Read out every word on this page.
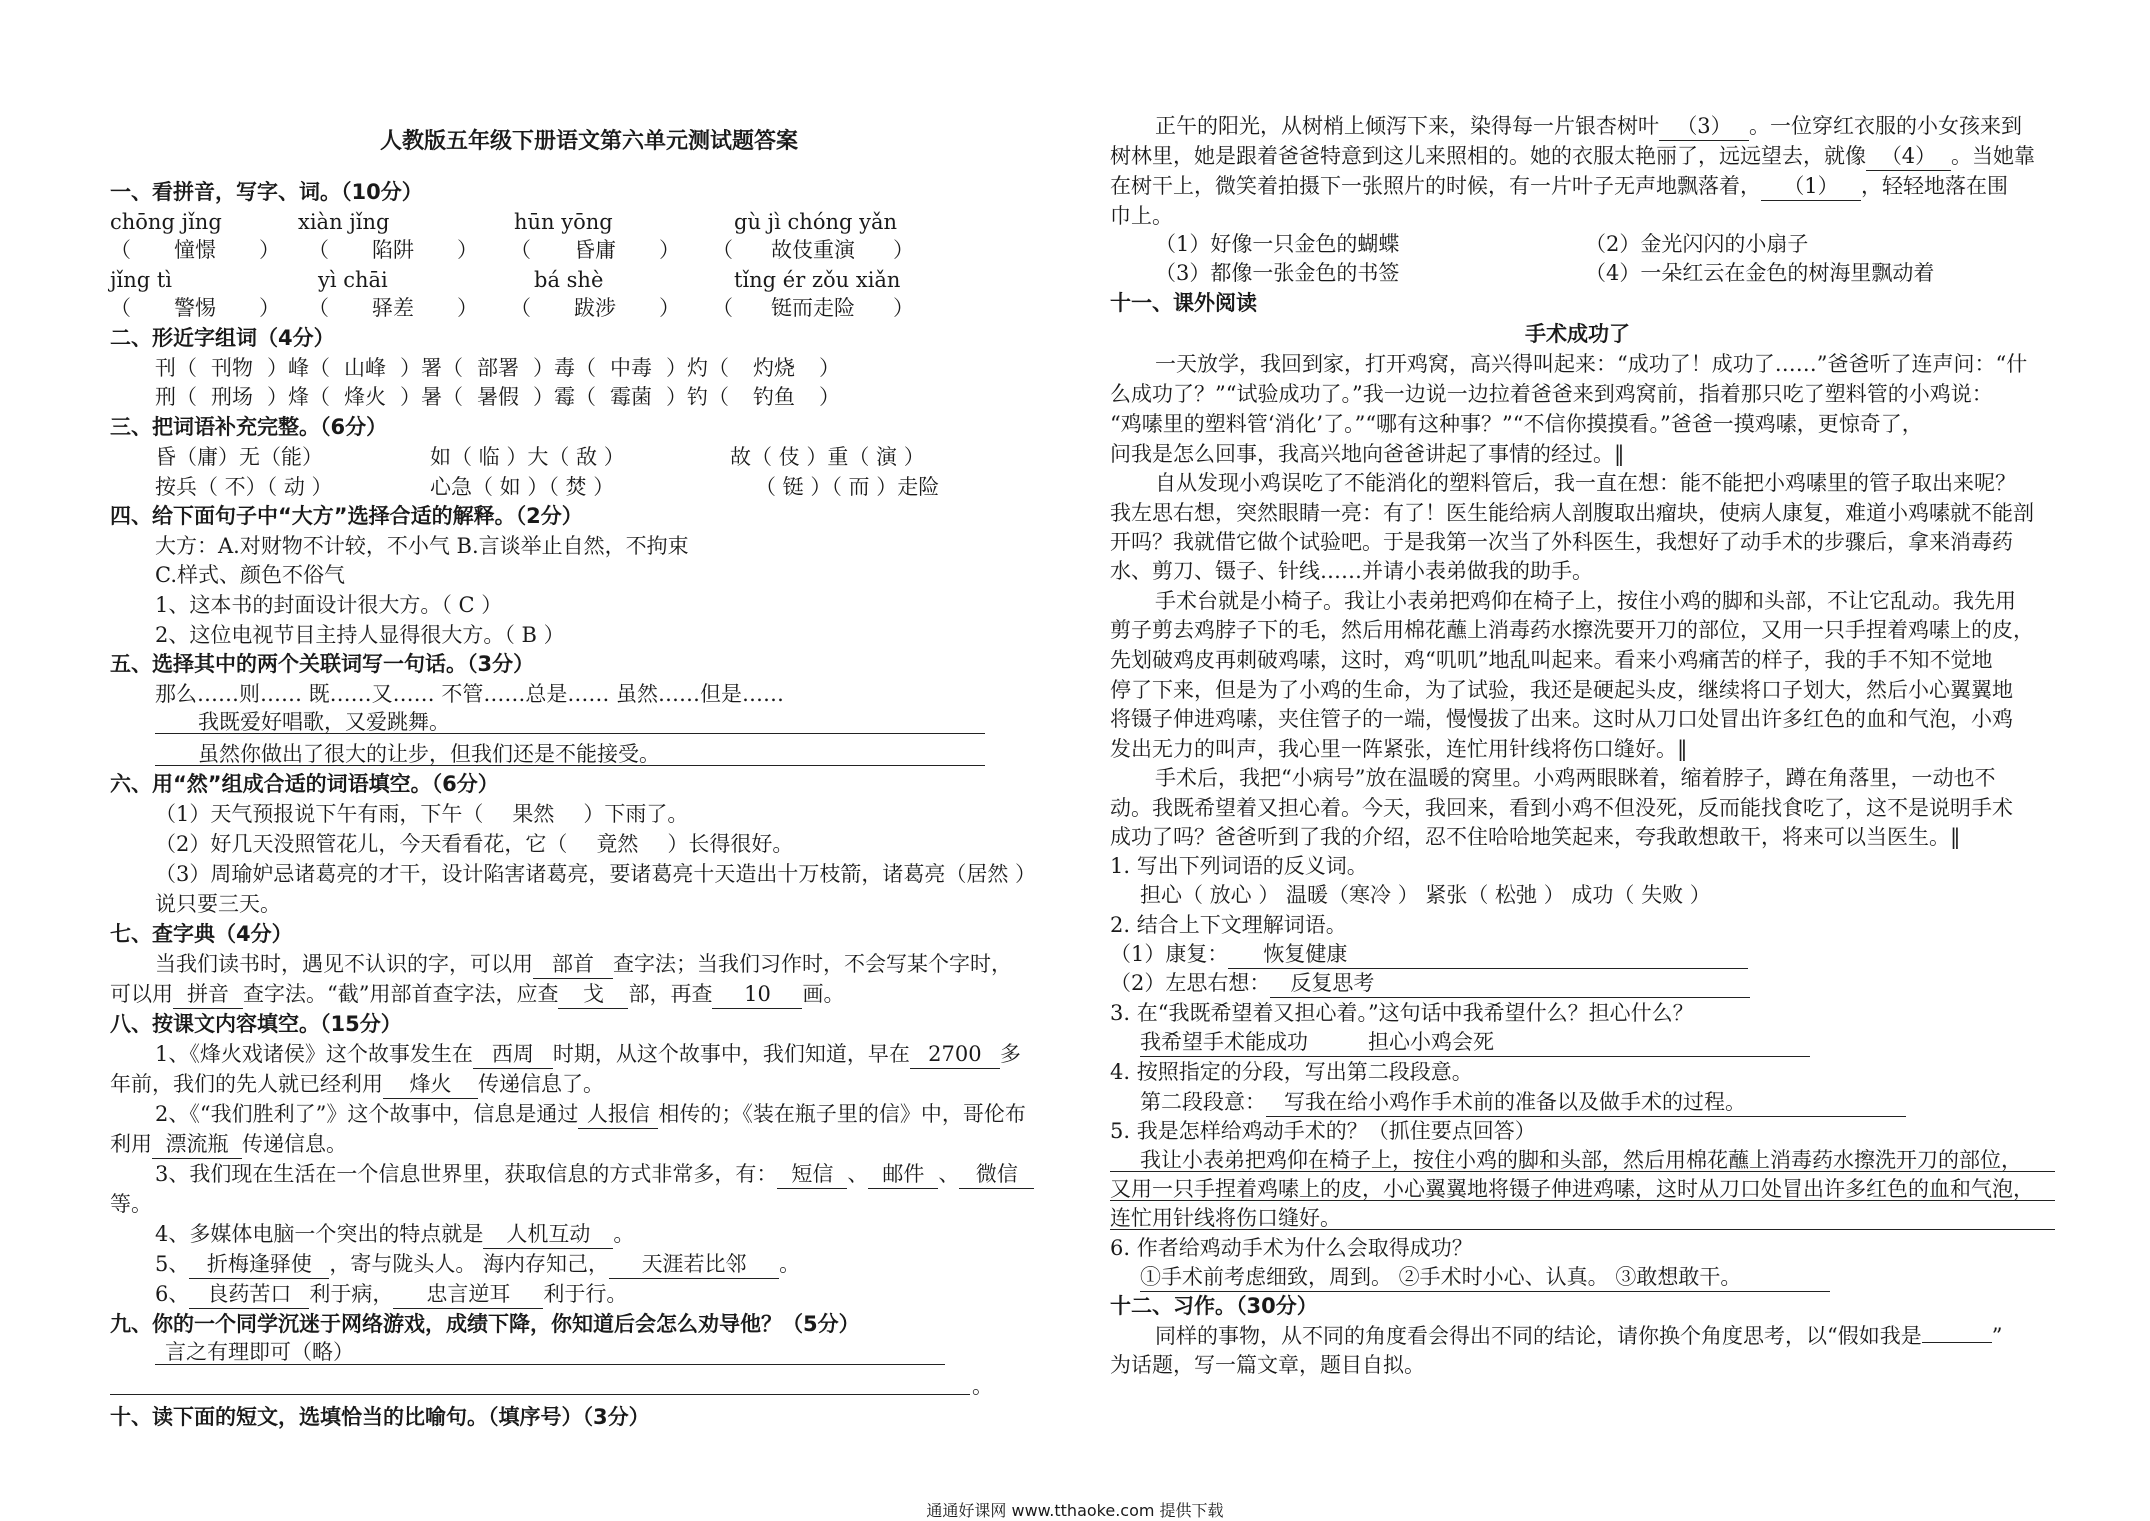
人教版五年级下册语文第六单元测试题答案
一、看拼音，写字、词。（10分）
chōng jǐng	xiàn jǐng	hūn yōng	gù jì chóng yǎn
（ 憧憬 ） （ 陷阱 ） （ 昏庸 ） （ 故伎重演 ）
jǐng tì	yì chāi	bá shè	tǐng ér zǒu xiǎn
（ 警惕 ） （ 驿差 ） （ 跋涉 ） （ 铤而走险 ）
二、形近字组词（4分）
刊（ 刊物 ）峰（ 山峰 ）署（ 部署 ）毒（ 中毒 ）灼（ 灼烧 ）
刑（ 刑场 ）烽（ 烽火 ）暑（ 暑假 ）霉（ 霉菌 ）钓（ 钓鱼 ）
三、把词语补充完整。（6分）
昏（庸）无（能）	如（ 临 ）大（ 敌 ）	故（ 伎 ）重（ 演 ）
按兵（ 不）（ 动 ）	心急（ 如 ）（ 焚 ）	（ 铤 ）（ 而 ）走险
四、给下面句子中“大方”选择合适的解释。（2分）
大方：A.对财物不计较，不小气 B.言谈举止自然，不拘束
C.样式、颜色不俗气
1、这本书的封面设计很大方。（ C ）
2、这位电视节目主持人显得很大方。（ B ）
五、选择其中的两个关联词写一句话。（3分）
那么……则…… 既……又…… 不管……总是…… 虽然……但是……
我既爱好唱歌，又爱跳舞。
虽然你做出了很大的让步，但我们还是不能接受。
六、用“然”组成合适的词语填空。（6分）
（1）天气预报说下午有雨，下午（ 果然 ）下雨了。
（2）好几天没照管花儿，今天看看花，它（ 竟然 ）长得很好。
（3）周瑜妒忌诸葛亮的才干，设计陷害诸葛亮，要诸葛亮十天造出十万枝箭，诸葛亮（居然 ）
说只要三天。
七、查字典（4分）
当我们读书时，遇见不认识的字，可以用 部首 查字法；当我们习作时，不会写某个字时，
可以用 拼音 查字法。“截”用部首查字法，应查 戈 部，再查 10 画。
八、按课文内容填空。（15分）
1、《烽火戏诸侯》这个故事发生在 西周 时期，从这个故事中，我们知道，早在 2700 多
年前，我们的先人就已经利用 烽火 传递信息了。
2、《“我们胜利了”》这个故事中，信息是通过 人报信 相传的；《装在瓶子里的信》中，哥伦布
利用 漂流瓶 传递信息。
3、我们现在生活在一个信息世界里，获取信息的方式非常多，有： 短信 、 邮件 、 微信
等。
4、多媒体电脑一个突出的特点就是 人机互动 。
5、 折梅逢驿使 ，寄与陇头人。 海内存知己， 天涯若比邻 。
6、 良药苦口 利于病， 忠言逆耳 利于行。
九、你的一个同学沉迷于网络游戏，成绩下降，你知道后会怎么劝导他？（5分）
言之有理即可（略）
。
十、读下面的短文，选填恰当的比喻句。（填序号）（3分）
正午的阳光，从树梢上倾泻下来，染得每一片银杏树叶 （3） 。一位穿红衣服的小女孩来到
树林里，她是跟着爸爸特意到这儿来照相的。她的衣服太艳丽了，远远望去，就像 （4） 。当她靠
在树干上，微笑着拍摄下一张照片的时候，有一片叶子无声地飘落着， （1） ，轻轻地落在围
巾上。
（1）好像一只金色的蝴蝶	（2）金光闪闪的小扇子
（3）都像一张金色的书签	（4）一朵红云在金色的树海里飘动着
十一、课外阅读
手术成功了
一天放学，我回到家，打开鸡窝，高兴得叫起来：“成功了！成功了……”爸爸听了连声问：“什
么成功了？”“试验成功了。”我一边说一边拉着爸爸来到鸡窝前，指着那只吃了塑料管的小鸡说：
“鸡嗉里的塑料管‘消化’了。”“哪有这种事？”“不信你摸摸看。”爸爸一摸鸡嗉，更惊奇了，
问我是怎么回事，我高兴地向爸爸讲起了事情的经过。‖
自从发现小鸡误吃了不能消化的塑料管后，我一直在想：能不能把小鸡嗉里的管子取出来呢？
我左思右想，突然眼睛一亮：有了！医生能给病人剖腹取出瘤块，使病人康复，难道小鸡嗉就不能剖
开吗？我就借它做个试验吧。于是我第一次当了外科医生，我想好了动手术的步骤后，拿来消毒药
水、剪刀、镊子、针线……并请小表弟做我的助手。
手术台就是小椅子。我让小表弟把鸡仰在椅子上，按住小鸡的脚和头部，不让它乱动。我先用
剪子剪去鸡脖子下的毛，然后用棉花蘸上消毒药水擦洗要开刀的部位，又用一只手捏着鸡嗉上的皮，
先划破鸡皮再刺破鸡嗉，这时，鸡“叽叽”地乱叫起来。看来小鸡痛苦的样子，我的手不知不觉地
停了下来，但是为了小鸡的生命，为了试验，我还是硬起头皮，继续将口子划大，然后小心翼翼地
将镊子伸进鸡嗉，夹住管子的一端，慢慢拔了出来。这时从刀口处冒出许多红色的血和气泡，小鸡
发出无力的叫声，我心里一阵紧张，连忙用针线将伤口缝好。‖
手术后，我把“小病号”放在温暖的窝里。小鸡两眼眯着，缩着脖子，蹲在角落里，一动也不
动。我既希望着又担心着。今天，我回来，看到小鸡不但没死，反而能找食吃了，这不是说明手术
成功了吗？爸爸听到了我的介绍，忍不住哈哈地笑起来，夸我敢想敢干，将来可以当医生。‖
1. 写出下列词语的反义词。
担心（ 放心 ） 温暖（寒冷 ） 紧张（ 松弛 ） 成功（ 失败 ）
2. 结合上下文理解词语。
（1）康复： 恢复健康
（2）左思右想： 反复思考
3. 在“我既希望着又担心着。”这句话中我希望什么？担心什么？
我希望手术能成功	担心小鸡会死
4. 按照指定的分段，写出第二段段意。
第二段段意： 写我在给小鸡作手术前的准备以及做手术的过程。
5. 我是怎样给鸡动手术的？（抓住要点回答）
我让小表弟把鸡仰在椅子上，按住小鸡的脚和头部，然后用棉花蘸上消毒药水擦洗开刀的部位，
又用一只手捏着鸡嗉上的皮，小心翼翼地将镊子伸进鸡嗉，这时从刀口处冒出许多红色的血和气泡，
连忙用针线将伤口缝好。
6. 作者给鸡动手术为什么会取得成功？
①手术前考虑细致，周到。 ②手术时小心、认真。 ③敢想敢干。
十二、习作。（30分）
同样的事物，从不同的角度看会得出不同的结论，请你换个角度思考，以“假如我是	”
为话题，写一篇文章，题目自拟。
通通好课网 www.tthaoke.com 提供下载
